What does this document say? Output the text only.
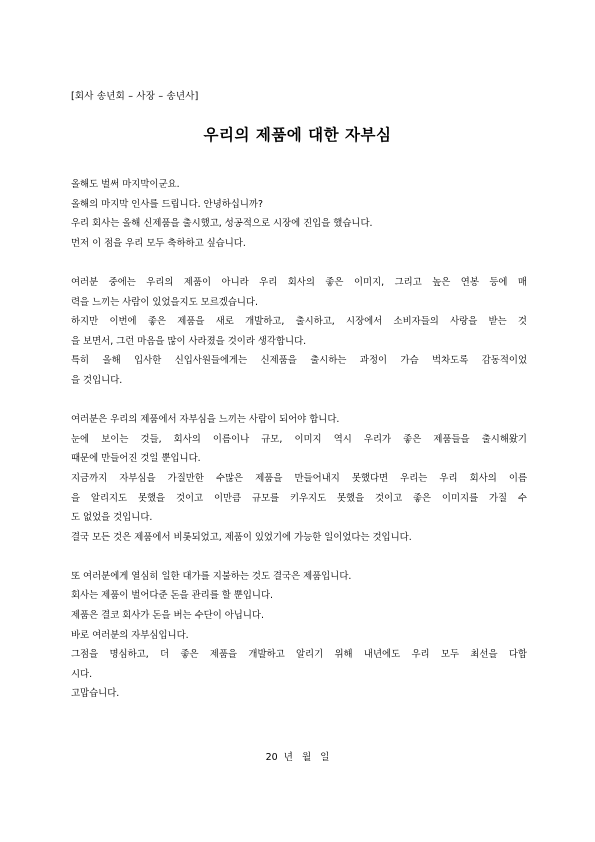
[회사 송년회 – 사장 – 송년사]
우리의 제품에 대한 자부심
올해도 벌써 마지막이군요.
올해의 마지막 인사를 드립니다. 안녕하십니까?
우리 회사는 올해 신제품을 출시했고, 성공적으로 시장에 진입을 했습니다.
먼저 이 점을 우리 모두 축하하고 싶습니다.
여러분 중에는 우리의 제품이 아니라 우리 회사의 좋은 이미지, 그리고 높은 연봉 등에 매
력을 느끼는 사람이 있었을지도 모르겠습니다.
하지만 이번에 좋은 제품을 새로 개발하고, 출시하고, 시장에서 소비자들의 사랑을 받는 것
을 보면서, 그런 마음을 많이 사라졌을 것이라 생각합니다.
특히 올해 입사한 신입사원들에게는 신제품을 출시하는 과정이 가슴 벅차도록 감동적이었
을 것입니다.
여러분은 우리의 제품에서 자부심을 느끼는 사람이 되어야 합니다.
눈에 보이는 것들, 회사의 이름이나 규모, 이미지 역시 우리가 좋은 제품들을 출시해왔기
때문에 만들어진 것일 뿐입니다.
지금까지 자부심을 가질만한 수많은 제품을 만들어내지 못했다면 우리는 우리 회사의 이름
을 알리지도 못했을 것이고 이만큼 규모를 키우지도 못했을 것이고 좋은 이미지를 가질 수
도 없었을 것입니다.
결국 모든 것은 제품에서 비롯되었고, 제품이 있었기에 가능한 일이었다는 것입니다.
또 여러분에게 열심히 일한 대가를 지불하는 것도 결국은 제품입니다.
회사는 제품이 벌어다준 돈을 관리를 할 뿐입니다.
제품은 결코 회사가 돈을 버는 수단이 아닙니다.
바로 여러분의 자부심입니다.
그점을 명심하고, 더 좋은 제품을 개발하고 알리기 위해 내년에도 우리 모두 최선을 다합
시다.
고맙습니다.
20  년   월   일
